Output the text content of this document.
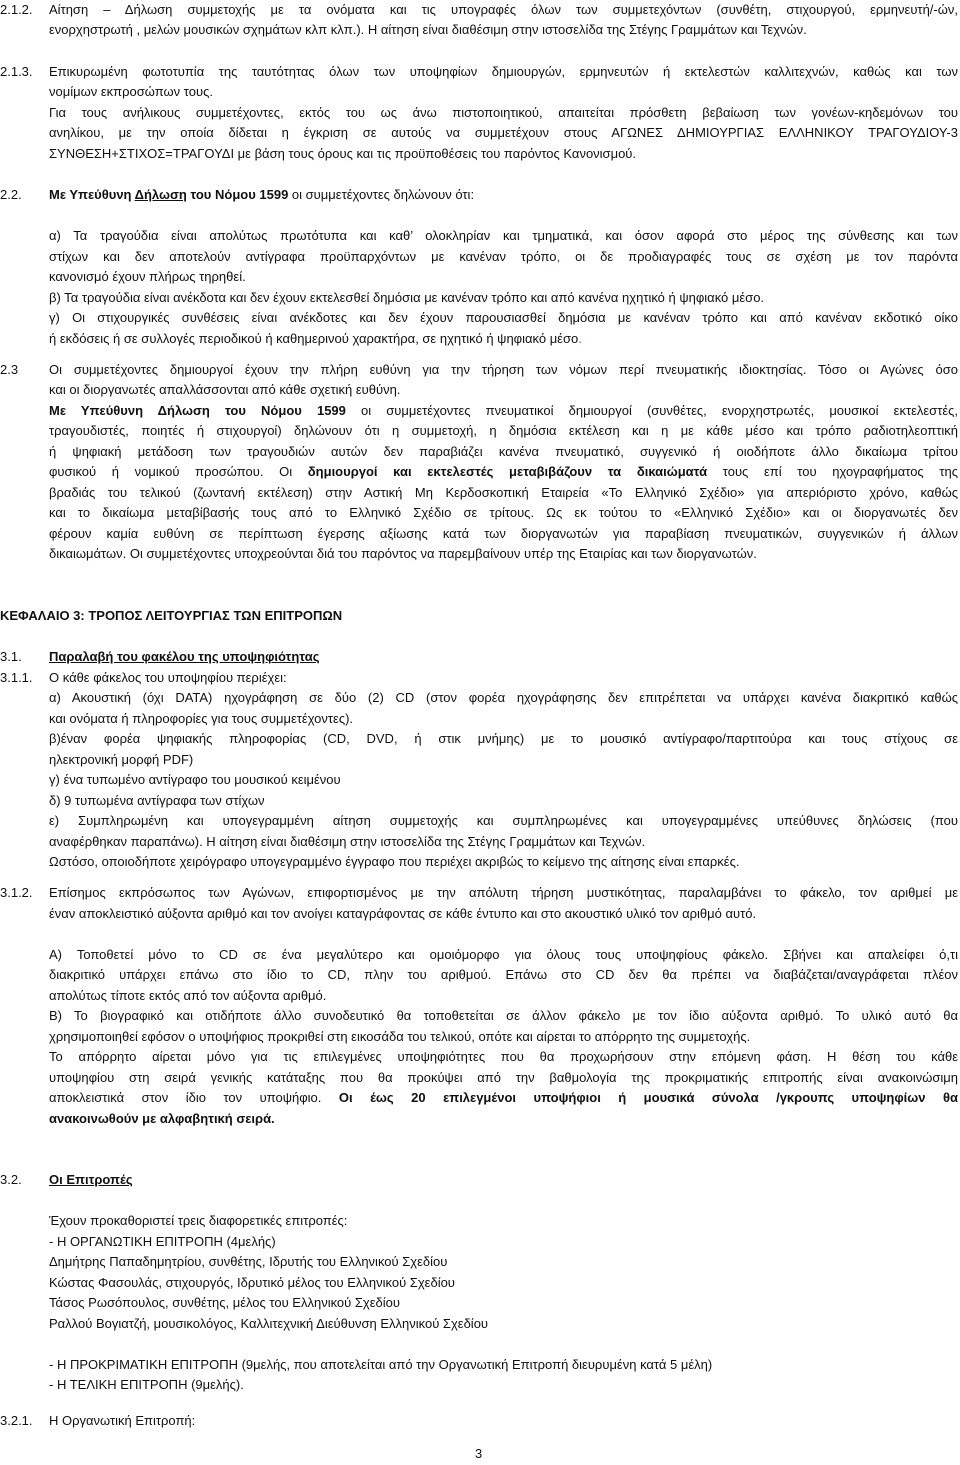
2.1.2. Αίτηση – Δήλωση συμμετοχής με τα ονόματα και τις υπογραφές όλων των συμμετεχόντων (συνθέτη, στιχουργού, ερμηνευτή/-ών,
ενορχηστρωτή , μελών μουσικών σχημάτων κλπ κλπ.). Η αίτηση είναι διαθέσιμη στην ιστοσελίδα της Στέγης Γραμμάτων και Τεχνών.
2.1.3. Επικυρωμένη φωτοτυπία της ταυτότητας όλων των υποψηφίων δημιουργών, ερμηνευτών ή εκτελεστών καλλιτεχνών, καθώς και των
νομίμων εκπροσώπων τους.
Για τους ανήλικους συμμετέχοντες, εκτός του ως άνω πιστοποιητικού, απαιτείται πρόσθετη βεβαίωση των γονέων-κηδεμόνων του
ανηλίκου, με την οποία δίδεται η έγκριση σε αυτούς να συμμετέχουν στους ΑΓΩΝΕΣ ΔΗΜΙΟΥΡΓΙΑΣ ΕΛΛΗΝΙΚΟΥ ΤΡΑΓΟΥΔΙΟΥ-3
ΣΥΝΘΕΣΗ+ΣΤΙΧΟΣ=ΤΡΑΓΟΥΔΙ με βάση τους όρους και τις προϋποθέσεις του παρόντος Κανονισμού.
2.2. Με Υπεύθυνη Δήλωση του Νόμου 1599 οι συμμετέχοντες δηλώνουν ότι:
α) Τα τραγούδια είναι απολύτως πρωτότυπα και καθ’ ολοκληρίαν και τμηματικά, και όσον αφορά στο μέρος της σύνθεσης και των
στίχων και δεν αποτελούν αντίγραφα προϋπαρχόντων με κανέναν τρόπο, οι δε προδιαγραφές τους σε σχέση με τον παρόντα
κανονισμό έχουν πλήρως τηρηθεί.
β) Τα τραγούδια είναι ανέκδοτα και δεν έχουν εκτελεσθεί δημόσια με κανέναν τρόπο και από κανένα ηχητικό ή ψηφιακό μέσο.
γ) Οι στιχουργικές συνθέσεις είναι ανέκδοτες και δεν έχουν παρουσιασθεί δημόσια με κανέναν τρόπο και από κανέναν εκδοτικό οίκο
ή εκδόσεις ή σε συλλογές περιοδικού ή καθημερινού χαρακτήρα, σε ηχητικό ή ψηφιακό μέσο.
2.3 Οι συμμετέχοντες δημιουργοί έχουν την πλήρη ευθύνη για την τήρηση των νόμων περί πνευματικής ιδιοκτησίας. Τόσο οι Αγώνες όσο
και οι διοργανωτές απαλλάσσονται από κάθε σχετική ευθύνη.
Με Υπεύθυνη Δήλωση του Νόμου 1599 οι συμμετέχοντες πνευματικοί δημιουργοί (συνθέτες, ενορχηστρωτές, μουσικοί εκτελεστές,
τραγουδιστές, ποιητές ή στιχουργοί) δηλώνουν ότι η συμμετοχή, η δημόσια εκτέλεση και η με κάθε μέσο και τρόπο ραδιοτηλεοπτική
ή ψηφιακή μετάδοση των τραγουδιών αυτών δεν παραβιάζει κανένα πνευματικό, συγγενικό ή οιοδήποτε άλλο δικαίωμα τρίτου
φυσικού ή νομικού προσώπου. Οι δημιουργοί και εκτελεστές μεταβιβάζουν τα δικαιώματά τους επί του ηχογραφήματος της
βραδιάς του τελικού (ζωντανή εκτέλεση) στην Αστική Μη Κερδοσκοπική Εταιρεία «Το Ελληνικό Σχέδιο» για απεριόριστο χρόνο, καθώς
και το δικαίωμα μεταβίβασής τους από το Ελληνικό Σχέδιο σε τρίτους. Ως εκ τούτου το «Ελληνικό Σχέδιο» και οι διοργανωτές δεν
φέρουν καμία ευθύνη σε περίπτωση έγερσης αξίωσης κατά των διοργανωτών για παραβίαση πνευματικών, συγγενικών ή άλλων
δικαιωμάτων. Οι συμμετέχοντες υποχρεούνται διά του παρόντος να παρεμβαίνουν υπέρ της Εταιρίας και των διοργανωτών.
ΚΕΦΑΛΑΙΟ 3: ΤΡΟΠΟΣ ΛΕΙΤΟΥΡΓΙΑΣ ΤΩΝ ΕΠΙΤΡΟΠΩΝ
3.1. Παραλαβή του φακέλου της υποψηφιότητας
3.1.1. Ο κάθε φάκελος του υποψηφίου περιέχει:
α) Ακουστική (όχι DATA) ηχογράφηση σε δύο (2) CD (στον φορέα ηχογράφησης δεν επιτρέπεται να υπάρχει κανένα διακριτικό καθώς
και ονόματα ή πληροφορίες για τους συμμετέχοντες).
β)έναν φορέα ψηφιακής πληροφορίας (CD, DVD, ή στικ μνήμης) με το μουσικό αντίγραφο/παρτιτούρα και τους στίχους σε
ηλεκτρονική μορφή PDF)
γ) ένα τυπωμένο αντίγραφο του μουσικού κειμένου
δ) 9 τυπωμένα αντίγραφα των στίχων
ε) Συμπληρωμένη και υπογεγραμμένη αίτηση συμμετοχής και συμπληρωμένες και υπογεγραμμένες υπεύθυνες δηλώσεις (που
αναφέρθηκαν παραπάνω). Η αίτηση είναι διαθέσιμη στην ιστοσελίδα της Στέγης Γραμμάτων και Τεχνών.
Ωστόσο, οποιοδήποτε χειρόγραφο υπογεγραμμένο έγγραφο που περιέχει ακριβώς το κείμενο της αίτησης είναι επαρκές.
3.1.2. Επίσημος εκπρόσωπος των Αγώνων, επιφορτισμένος με την απόλυτη τήρηση μυστικότητας, παραλαμβάνει το φάκελο, τον αριθμεί με
έναν αποκλειστικό αύξοντα αριθμό και τον ανοίγει καταγράφοντας σε κάθε έντυπο και στο ακουστικό υλικό τον αριθμό αυτό.
Α) Τοποθετεί μόνο το CD σε ένα μεγαλύτερο και ομοιόμορφο για όλους τους υποψηφίους φάκελο. Σβήνει και απαλείφει ό,τι
διακριτικό υπάρχει επάνω στο ίδιο το CD, πλην του αριθμού. Επάνω στο CD δεν θα πρέπει να διαβάζεται/αναγράφεται πλέον
απολύτως τίποτε εκτός από τον αύξοντα αριθμό.
Β) Το βιογραφικό και οτιδήποτε άλλο συνοδευτικό θα τοποθετείται σε άλλον φάκελο με τον ίδιο αύξοντα αριθμό. Το υλικό αυτό θα
χρησιμοποιηθεί εφόσον ο υποψήφιος προκριθεί στη εικοσάδα του τελικού, οπότε και αίρεται το απόρρητο της συμμετοχής.
Το απόρρητο αίρεται μόνο για τις επιλεγμένες υποψηφιότητες που θα προχωρήσουν στην επόμενη φάση. Η θέση του κάθε
υποψηφίου στη σειρά γενικής κατάταξης που θα προκύψει από την βαθμολογία της προκριματικής επιτροπής είναι ανακοινώσιμη
αποκλειστικά στον ίδιο τον υποψήφιο. Οι έως 20 επιλεγμένοι υποψήφιοι ή μουσικά σύνολα /γκρουπς υποψηφίων θα
ανακοινωθούν με αλφαβητική σειρά.
3.2. Οι Επιτροπές
Έχουν προκαθοριστεί τρεις διαφορετικές επιτροπές:
- Η ΟΡΓΑΝΩΤΙΚΗ ΕΠΙΤΡΟΠΗ (4μελής)
Δημήτρης Παπαδημητρίου, συνθέτης, Ιδρυτής του Ελληνικού Σχεδίου
Κώστας Φασουλάς, στιχουργός, Ιδρυτικό μέλος του Ελληνικού Σχεδίου
Τάσος Ρωσόπουλος, συνθέτης, μέλος του Ελληνικού Σχεδίου
Ραλλού Βογιατζή, μουσικολόγος, Καλλιτεχνική Διεύθυνση Ελληνικού Σχεδίου
- Η ΠΡΟΚΡΙΜΑΤΙΚΗ ΕΠΙΤΡΟΠΗ (9μελής, που αποτελείται από την Οργανωτική Επιτροπή διευρυμένη κατά 5 μέλη)
- Η ΤΕΛΙΚΗ ΕΠΙΤΡΟΠΗ (9μελής).
3.2.1. Η Οργανωτική Επιτροπή:
3
